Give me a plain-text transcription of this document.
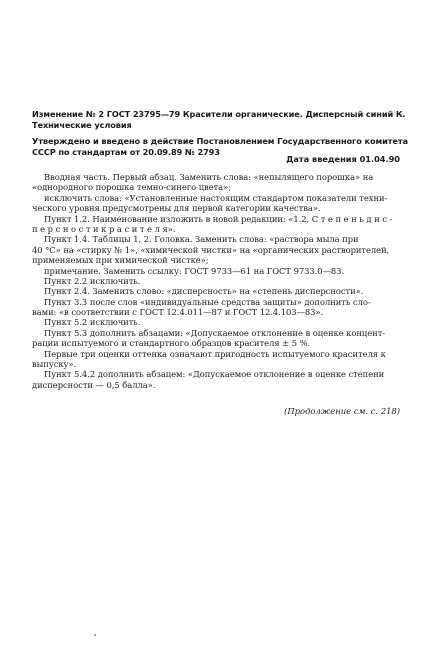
Изменение № 2 ГОСТ 23795—79 Красители органические. Дисперсный синий К.
Технические условия
Утверждено и введено в действие Постановлением Государственного комитета
СССР по стандартам от 20.09.89 № 2793
Дата введения 01.04.90
Вводная часть. Первый абзац. Заменить слова: «непылящего порошка» на
«однородного порошка темно-синего цвета»;
исключить слова: «Установленные настоящим стандартом показатели техни-
ческого уровня предусмотрены для первой категории качества».
Пункт 1.2. Наименование изложить в новой редакции: «1.2. С т е п е н ь д и с -
п е р с н о с т и к р а с и т е л я».
Пункт 1.4. Таблицы 1, 2. Головка. Заменить слова: «раствора мыла при
40 °С» на «стирку № 1», «химической чистки» на «органических растворителей,
применяемых при химической чистке»;
примечание. Заменить ссылку: ГОСТ 9733—61 на ГОСТ 9733.0—83.
Пункт 2.2 исключить.
Пункт 2.4. Заменить слово: «дисперсность» на «степень дисперсности».
Пункт 3.3 после слов «индивидуальные средства защиты» дополнить сло-
вами: «в соответствии с ГОСТ 12.4.011—87 и ГОСТ 12.4.103—83».
Пункт 5.2 исключить.
Пункт 5.3 дополнить абзацами: «Допускаемое отклонение в оценке концент-
рации испытуемого и стандартного образцов красителя ± 5 %.
Первые три оценки оттенка означают пригодность испытуемого красителя к
выпуску».
Пункт 5.4.2 дополнить абзацем: «Допускаемое отклонение в оценке степени
дисперсности — 0,5 балла».
(Продолжение см. с. 218)
